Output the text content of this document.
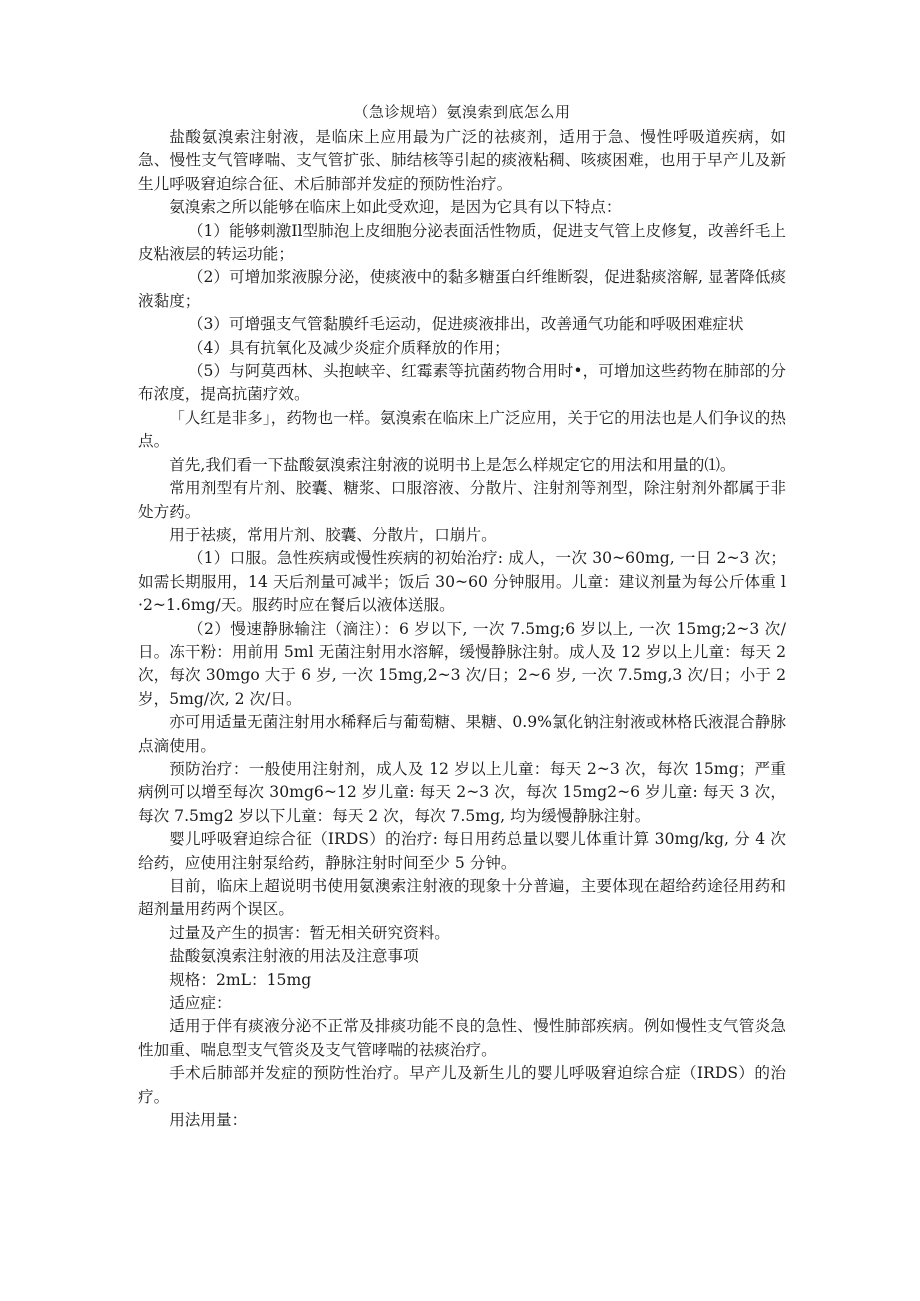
（急诊规培）氨溴索到底怎么用

盐酸氨溴索注射液，是临床上应用最为广泛的祛痰剂，适用于急、慢性呼吸道疾病，如急、慢性支气管哮喘、支气管扩张、肺结核等引起的痰液粘稠、咳痰困难，也用于早产儿及新生儿呼吸窘迫综合征、术后肺部并发症的预防性治疗。

氨溴索之所以能够在临床上如此受欢迎，是因为它具有以下特点：

（1）能够刺激Il型肺泡上皮细胞分泌表面活性物质，促进支气管上皮修复，改善纤毛上皮粘液层的转运功能；

（2）可增加浆液腺分泌，使痰液中的黏多糖蛋白纤维断裂，促进黏痰溶解, 显著降低痰液黏度；

（3）可增强支气管黏膜纤毛运动，促进痰液排出，改善通气功能和呼吸困难症状

（4）具有抗氧化及减少炎症介质释放的作用；

（5）与阿莫西林、头抱峡辛、红霉素等抗菌药物合用时•，可增加这些药物在肺部的分布浓度，提高抗菌疗效。

「人红是非多」，药物也一样。氨溴索在临床上广泛应用，关于它的用法也是人们争议的热点。

首先,我们看一下盐酸氨溴索注射液的说明书上是怎么样规定它的用法和用量的⑴。

常用剂型有片剂、胶囊、糖浆、口服溶液、分散片、注射剂等剂型，除注射剂外都属于非处方药。

用于祛痰，常用片剂、胶囊、分散片，口崩片。

（1）口服。急性疾病或慢性疾病的初始治疗: 成人，一次 30~60mg, 一日 2~3 次；如需长期服用，14 天后剂量可减半；饭后 30~60 分钟服用。儿童：建议剂量为每公斤体重 l·2~1.6mg/天。服药时应在餐后以液体送服。

（2）慢速静脉输注（滴注）：6 岁以下, 一次 7.5mg;6 岁以上, 一次 15mg;2~3 次/日。冻干粉：用前用 5ml 无菌注射用水溶解，缓慢静脉注射。成人及 12 岁以上儿童：每天 2 次，每次 30mgo 大于 6 岁, 一次 15mg,2~3 次/日；2~6 岁, 一次 7.5mg,3 次/日；小于 2 岁，5mg/次, 2 次/日。

亦可用适量无菌注射用水稀释后与葡萄糖、果糖、0.9%氯化钠注射液或林格氏液混合静脉点滴使用。

预防治疗：一般使用注射剂，成人及 12 岁以上儿童：每天 2~3 次，每次 15mg；严重病例可以增至每次 30mg6~12 岁儿童: 每天 2~3 次，每次 15mg2~6 岁儿童: 每天 3 次，每次 7.5mg2 岁以下儿童：每天 2 次，每次 7.5mg, 均为缓慢静脉注射。

婴儿呼吸窘迫综合征（IRDS）的治疗: 每日用药总量以婴儿体重计算 30mg/kg, 分 4 次给药，应使用注射泵给药，静脉注射时间至少 5 分钟。

目前，临床上超说明书使用氨澳索注射液的现象十分普遍，主要体现在超给药途径用药和超剂量用药两个误区。

过量及产生的损害：暂无相关研究资料。

盐酸氨溴索注射液的用法及注意事项

规格：2mL：15mg

适应症：

适用于伴有痰液分泌不正常及排痰功能不良的急性、慢性肺部疾病。例如慢性支气管炎急性加重、喘息型支气管炎及支气管哮喘的祛痰治疗。

手术后肺部并发症的预防性治疗。早产儿及新生儿的婴儿呼吸窘迫综合症（IRDS）的治疗。

用法用量：
